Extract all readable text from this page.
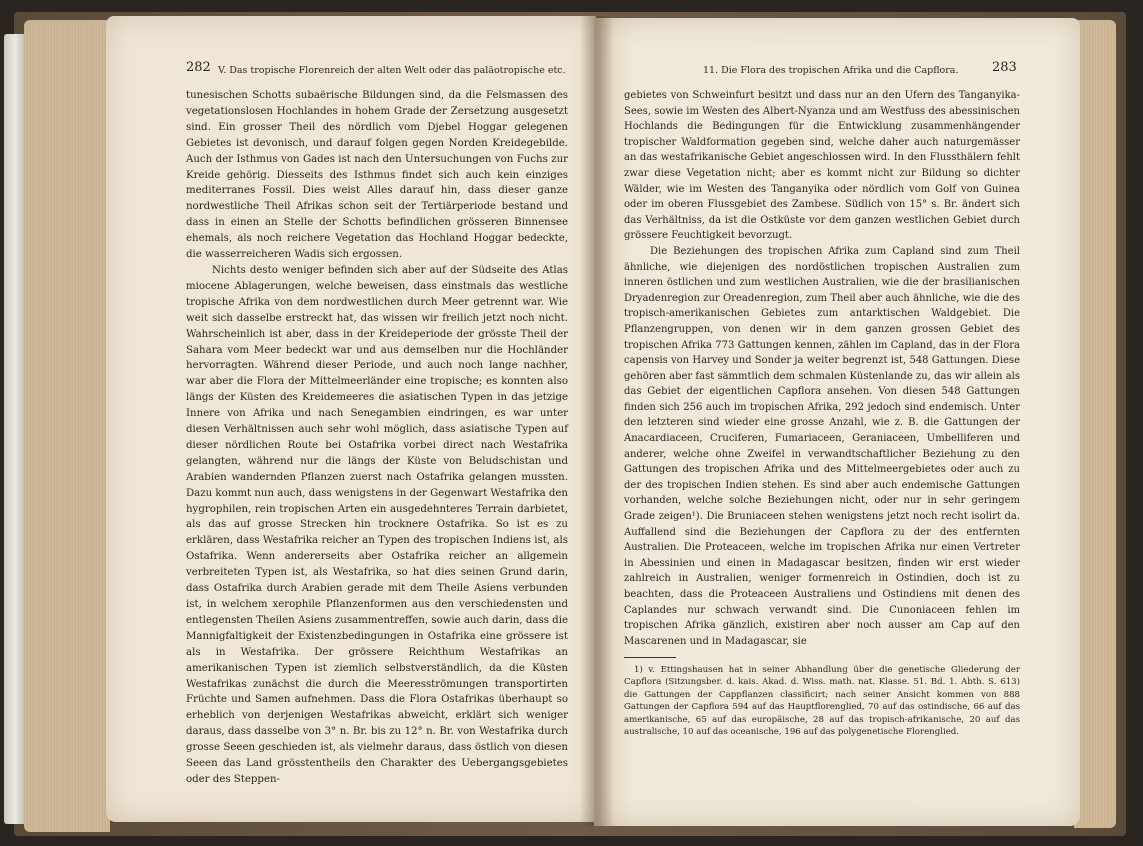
282 V. Das tropische Florenreich der alten Welt oder das paläotropische etc.

tunesischen Schotts subaërische Bildungen sind, da die Felsmassen des vegetationslosen Hochlandes in hohem Grade der Zersetzung ausgesetzt sind. Ein grosser Theil des nördlich vom Djebel Hoggar gelegenen Gebietes ist devonisch, und darauf folgen gegen Norden Kreidegebilde. Auch der Isthmus von Gades ist nach den Untersuchungen von Fuchs zur Kreide gehörig. Diesseits des Isthmus findet sich auch kein einziges mediterranes Fossil. Dies weist Alles darauf hin, dass dieser ganze nordwestliche Theil Afrikas schon seit der Tertiärperiode bestand und dass in einen an Stelle der Schotts befindlichen grösseren Binnensee ehemals, als noch reichere Vegetation das Hochland Hoggar bedeckte, die wasserreicheren Wadis sich ergossen.

Nichts desto weniger befinden sich aber auf der Südseite des Atlas miocene Ablagerungen, welche beweisen, dass einstmals das westliche tropische Afrika von dem nordwestlichen durch Meer getrennt war. Wie weit sich dasselbe erstreckt hat, das wissen wir freilich jetzt noch nicht. Wahrscheinlich ist aber, dass in der Kreideperiode der grösste Theil der Sahara vom Meer bedeckt war und aus demselben nur die Hochländer hervorragten. Während dieser Periode, und auch noch lange nachher, war aber die Flora der Mittelmeerländer eine tropische; es konnten also längs der Küsten des Kreidemeeres die asiatischen Typen in das jetzige Innere von Afrika und nach Senegambien eindringen, es war unter diesen Verhältnissen auch sehr wohl möglich, dass asiatische Typen auf dieser nördlichen Route bei Ostafrika vorbei direct nach Westafrika gelangten, während nur die längs der Küste von Beludschistan und Arabien wandernden Pflanzen zuerst nach Ostafrika gelangen mussten. Dazu kommt nun auch, dass wenigstens in der Gegenwart Westafrika den hygrophilen, rein tropischen Arten ein ausgedehnteres Terrain darbietet, als das auf grosse Strecken hin trocknere Ostafrika. So ist es zu erklären, dass Westafrika reicher an Typen des tropischen Indiens ist, als Ostafrika. Wenn andererseits aber Ostafrika reicher an allgemein verbreiteten Typen ist, als Westafrika, so hat dies seinen Grund darin, dass Ostafrika durch Arabien gerade mit dem Theile Asiens verbunden ist, in welchem xerophile Pflanzenformen aus den verschiedensten und entlegensten Theilen Asiens zusammentreffen, sowie auch darin, dass die Mannigfaltigkeit der Existenzbedingungen in Ostafrika eine grössere ist als in Westafrika. Der grössere Reichthum Westafrikas an amerikanischen Typen ist ziemlich selbstverständlich, da die Küsten Westafrikas zunächst die durch die Meeresströmungen transportirten Früchte und Samen aufnehmen. Dass die Flora Ostafrikas überhaupt so erheblich von derjenigen Westafrikas abweicht, erklärt sich weniger daraus, dass dasselbe von 3° n. Br. bis zu 12° n. Br. von Westafrika durch grosse Seeen geschieden ist, als vielmehr daraus, dass östlich von diesen Seeen das Land grösstentheils den Charakter des Uebergangsgebietes oder des Steppen-

11. Die Flora des tropischen Afrika und die Capflora.	283

gebietes von Schweinfurt besitzt und dass nur an den Ufern des Tanganyika-Sees, sowie im Westen des Albert-Nyanza und am Westfuss des abessinischen Hochlands die Bedingungen für die Entwicklung zusammenhängender tropischer Waldformation gegeben sind, welche daher auch naturgemässer an das westafrikanische Gebiet angeschlossen wird. In den Flussthälern fehlt zwar diese Vegetation nicht; aber es kommt nicht zur Bildung so dichter Wälder, wie im Westen des Tanganyika oder nördlich vom Golf von Guinea oder im oberen Flussgebiet des Zambese. Südlich von 15° s. Br. ändert sich das Verhältniss, da ist die Ostküste vor dem ganzen westlichen Gebiet durch grössere Feuchtigkeit bevorzugt.

Die Beziehungen des tropischen Afrika zum Capland sind zum Theil ähnliche, wie diejenigen des nordöstlichen tropischen Australien zum inneren östlichen und zum westlichen Australien, wie die der brasilianischen Dryadenregion zur Oreadenregion, zum Theil aber auch ähnliche, wie die des tropisch-amerikanischen Gebietes zum antarktischen Waldgebiet. Die Pflanzengruppen, von denen wir in dem ganzen grossen Gebiet des tropischen Afrika 773 Gattungen kennen, zählen im Capland, das in der Flora capensis von Harvey und Sonder ja weiter begrenzt ist, 548 Gattungen. Diese gehören aber fast sämmtlich dem schmalen Küstenlande zu, das wir allein als das Gebiet der eigentlichen Capflora ansehen. Von diesen 548 Gattungen finden sich 256 auch im tropischen Afrika, 292 jedoch sind endemisch. Unter den letzteren sind wieder eine grosse Anzahl, wie z. B. die Gattungen der Anacardiaceen, Cruciferen, Fumariaceen, Geraniaceen, Umbelliferen und anderer, welche ohne Zweifel in verwandtschaftlicher Beziehung zu den Gattungen des tropischen Afrika und des Mittelmeergebietes oder auch zu der des tropischen Indien stehen. Es sind aber auch endemische Gattungen vorhanden, welche solche Beziehungen nicht, oder nur in sehr geringem Grade zeigen¹). Die Bruniaceen stehen wenigstens jetzt noch recht isolirt da. Auffallend sind die Beziehungen der Capflora zu der des entfernten Australien. Die Proteaceen, welche im tropischen Afrika nur einen Vertreter in Abessinien und einen in Madagascar besitzen, finden wir erst wieder zahlreich in Australien, weniger formenreich in Ostindien, doch ist zu beachten, dass die Proteaceen Australiens und Ostindiens mit denen des Caplandes nur schwach verwandt sind. Die Cunoniaceen fehlen im tropischen Afrika gänzlich, existiren aber noch ausser am Cap auf den Mascarenen und in Madagascar, sie

1) v. Ettingshausen hat in seiner Abhandlung über die genetische Gliederung der Capflora (Sitzungsber. d. kais. Akad. d. Wiss. math. nat. Klasse. 51. Bd. 1. Abth. S. 613) die Gattungen der Cappflanzen classificirt; nach seiner Ansicht kommen von 888 Gattungen der Capflora 594 auf das Hauptflorenglied, 70 auf das ostindische, 66 auf das amerikanische, 65 auf das europäische, 28 auf das tropisch-afrikanische, 20 auf das australische, 10 auf das oceanische, 196 auf das polygenetische Florenglied.
